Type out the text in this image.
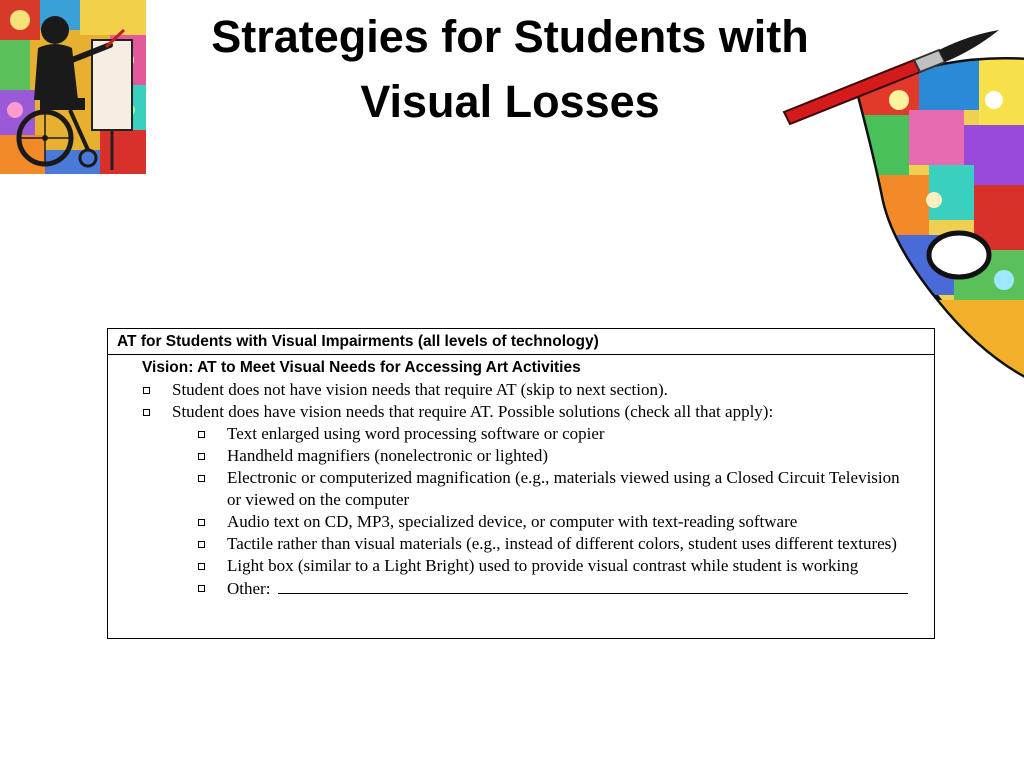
Strategies for Students with Visual Losses
AT for Students with Visual Impairments (all levels of technology)
Vision: AT to Meet Visual Needs for Accessing Art Activities
Student does not have vision needs that require AT (skip to next section).
Student does have vision needs that require AT. Possible solutions (check all that apply):
Text enlarged using word processing software or copier
Handheld magnifiers (nonelectronic or lighted)
Electronic or computerized magnification (e.g., materials viewed using a Closed Circuit Television or viewed on the computer
Audio text on CD, MP3, specialized device, or computer with text-reading software
Tactile rather than visual materials (e.g., instead of different colors, student uses different textures)
Light box (similar to a Light Bright) used to provide visual contrast while student is working
Other:
